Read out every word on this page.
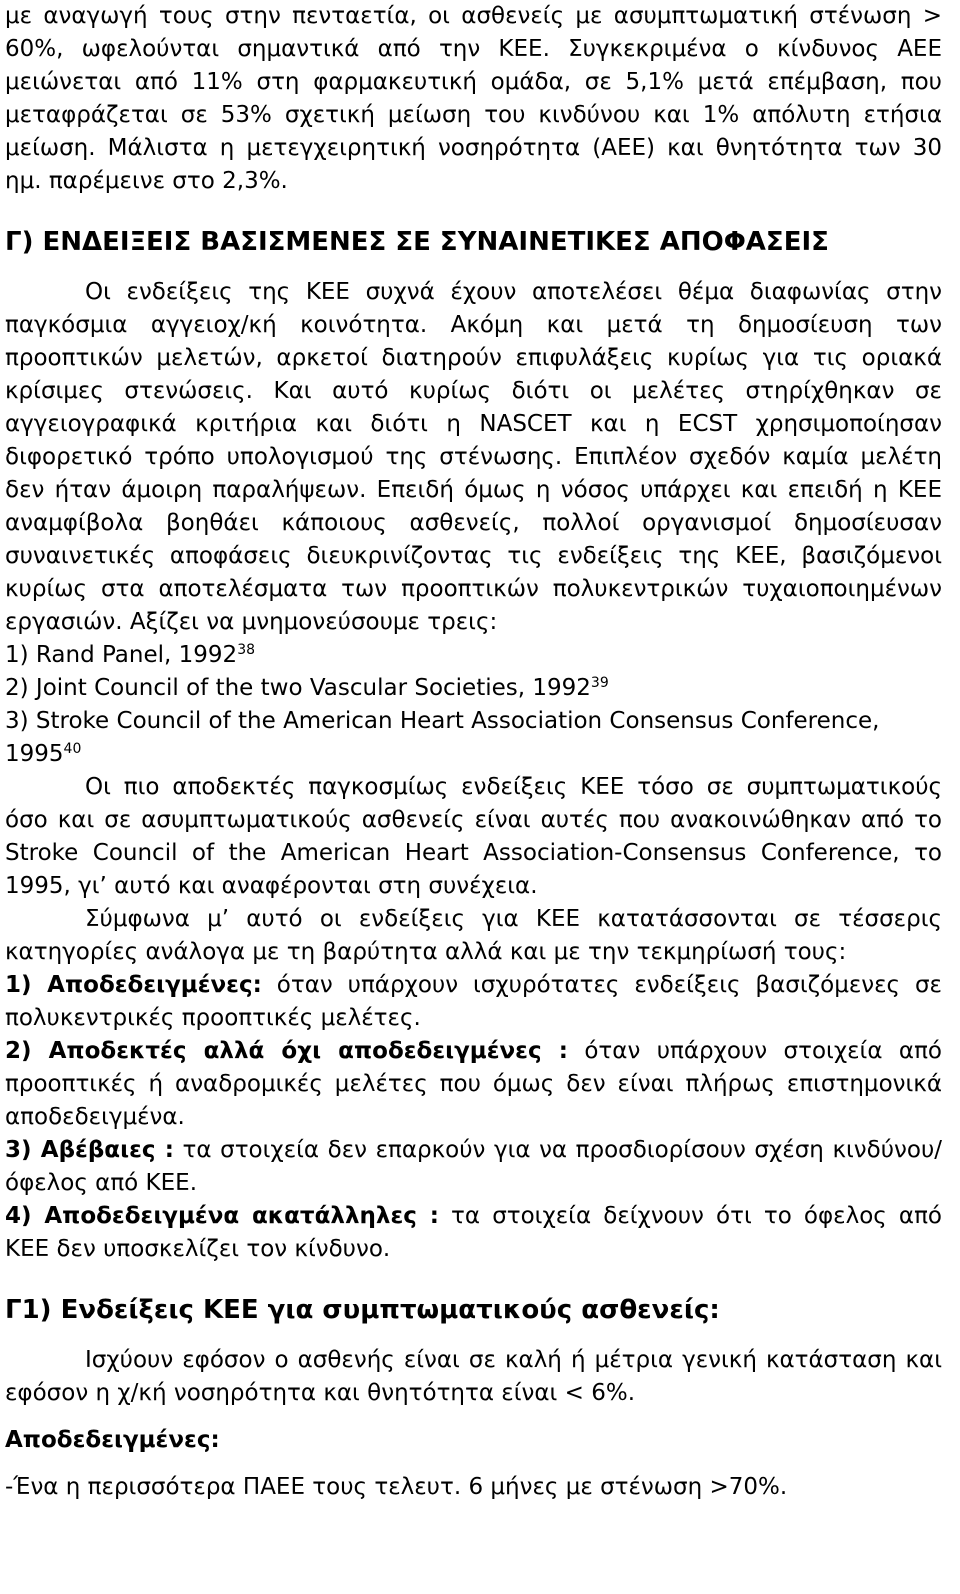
με αναγωγή τους στην πενταετία, οι ασθενείς με ασυμπτωματική στένωση > 60%, ωφελούνται σημαντικά από την ΚΕΕ. Συγκεκριμένα ο κίνδυνος ΑΕΕ μειώνεται από 11% στη φαρμακευτική ομάδα, σε 5,1% μετά επέμβαση, που μεταφράζεται σε 53% σχετική μείωση του κινδύνου και 1% απόλυτη ετήσια μείωση. Μάλιστα η μετεγχειρητική νοσηρότητα (ΑΕΕ) και θνητότητα των 30 ημ. παρέμεινε στο 2,3%.

Γ) ΕΝΔΕΙΞΕΙΣ ΒΑΣΙΣΜΕΝΕΣ ΣΕ ΣΥΝΑΙΝΕΤΙΚΕΣ ΑΠΟΦΑΣΕΙΣ

Οι ενδείξεις της ΚΕΕ συχνά έχουν αποτελέσει θέμα διαφωνίας στην παγκόσμια αγγειοχ/κή κοινότητα. Ακόμη και μετά τη δημοσίευση των προοπτικών μελετών, αρκετοί διατηρούν επιφυλάξεις κυρίως για τις οριακά κρίσιμες στενώσεις. Και αυτό κυρίως διότι οι μελέτες στηρίχθηκαν σε αγγειογραφικά κριτήρια και διότι η NASCET και η ECST χρησιμοποίησαν διφορετικό τρόπο υπολογισμού της στένωσης. Επιπλέον σχεδόν καμία μελέτη δεν ήταν άμοιρη παραλήψεων. Επειδή όμως η νόσος υπάρχει και επειδή η ΚΕΕ αναμφίβολα βοηθάει κάποιους ασθενείς, πολλοί οργανισμοί δημοσίευσαν συναινετικές αποφάσεις διευκρινίζοντας τις ενδείξεις της ΚΕΕ, βασιζόμενοι κυρίως στα αποτελέσματα των προοπτικών πολυκεντρικών τυχαιοποιημένων εργασιών. Αξίζει να μνημονεύσουμε τρεις:

1) Rand Panel, 1992$^{38}$

2) Joint Council of the two Vascular Societies, 1992$^{39}$

3) Stroke Council of the American Heart Association Consensus Conference, 1995$^{40}$

Οι πιο αποδεκτές παγκοσμίως ενδείξεις ΚΕΕ τόσο σε συμπτωματικούς όσο και σε ασυμπτωματικούς ασθενείς είναι αυτές που ανακοινώθηκαν από το Stroke Council of the American Heart Association-Consensus Conference, το 1995, γι’ αυτό και αναφέρονται στη συνέχεια.

Σύμφωνα μ’ αυτό οι ενδείξεις για ΚΕΕ κατατάσσονται σε τέσσερις κατηγορίες ανάλογα με τη βαρύτητα αλλά και με την τεκμηρίωσή τους:

1) Αποδεδειγμένες: όταν υπάρχουν ισχυρότατες ενδείξεις βασιζόμενες σε πολυκεντρικές προοπτικές μελέτες.

2) Αποδεκτές αλλά όχι αποδεδειγμένες : όταν υπάρχουν στοιχεία από προοπτικές ή αναδρομικές μελέτες που όμως δεν είναι πλήρως επιστημονικά αποδεδειγμένα.

3) Αβέβαιες : τα στοιχεία δεν επαρκούν για να προσδιορίσουν σχέση κινδύνου/όφελος από ΚΕΕ.

4) Αποδεδειγμένα ακατάλληλες : τα στοιχεία δείχνουν ότι το όφελος από ΚΕΕ δεν υποσκελίζει τον κίνδυνο.

Γ1) Ενδείξεις ΚΕΕ για συμπτωματικούς ασθενείς:

Ισχύουν εφόσον ο ασθενής είναι σε καλή ή μέτρια γενική κατάσταση και εφόσον η χ/κή νοσηρότητα και θνητότητα είναι < 6%.

Αποδεδειγμένες:

-Ένα η περισσότερα ΠΑΕΕ τους τελευτ. 6 μήνες με στένωση >70%.
